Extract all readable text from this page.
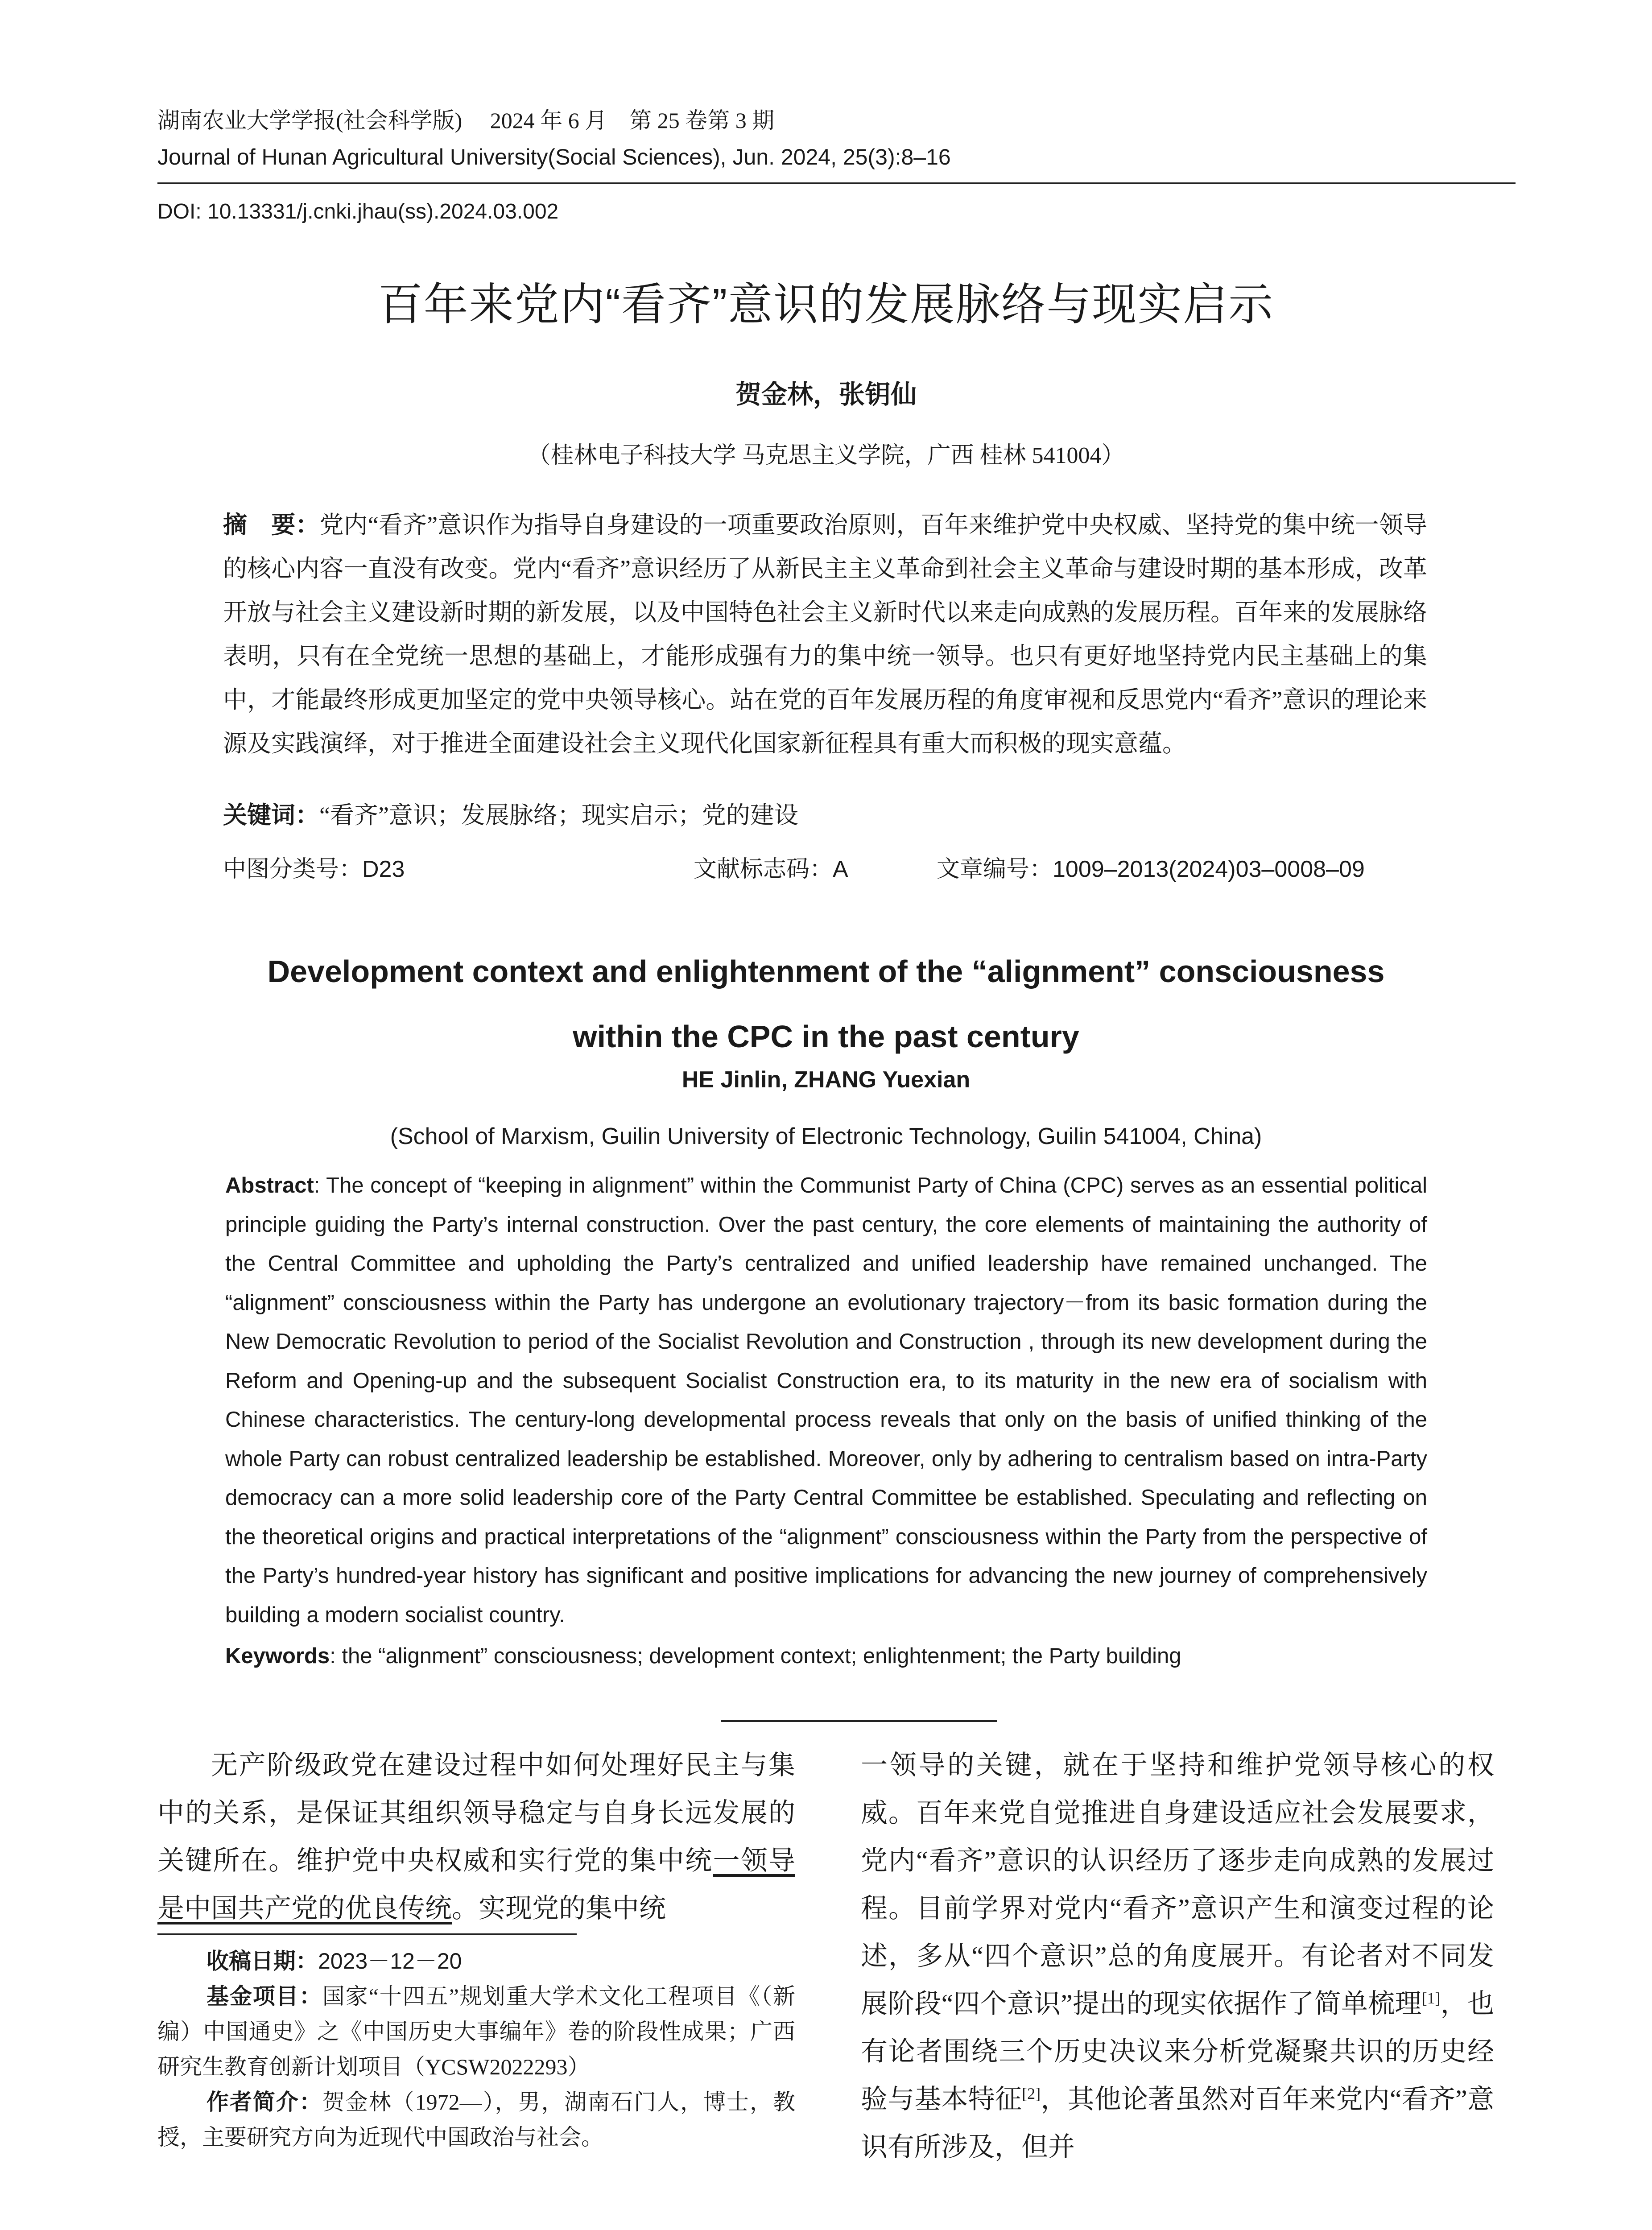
湖南农业大学学报(社会科学版)　 2024 年 6 月　第 25 卷第 3 期
Journal of Hunan Agricultural University(Social Sciences), Jun. 2024, 25(3):8–16
DOI: 10.13331/j.cnki.jhau(ss).2024.03.002
百年来党内“看齐”意识的发展脉络与现实启示
贺金林，张钥仙
（桂林电子科技大学 马克思主义学院，广西 桂林 541004）
摘　要：党内“看齐”意识作为指导自身建设的一项重要政治原则，百年来维护党中央权威、坚持党的集中统一领导的核心内容一直没有改变。党内“看齐”意识经历了从新民主主义革命到社会主义革命与建设时期的基本形成，改革开放与社会主义建设新时期的新发展，以及中国特色社会主义新时代以来走向成熟的发展历程。百年来的发展脉络表明，只有在全党统一思想的基础上，才能形成强有力的集中统一领导。也只有更好地坚持党内民主基础上的集中，才能最终形成更加坚定的党中央领导核心。站在党的百年发展历程的角度审视和反思党内“看齐”意识的理论来源及实践演绎，对于推进全面建设社会主义现代化国家新征程具有重大而积极的现实意蕴。
关键词：“看齐”意识；发展脉络；现实启示；党的建设
中图分类号：D23	文献标志码：A	文章编号：1009–2013(2024)03–0008–09
Development context and enlightenment of the “alignment” consciousness within the CPC in the past century
HE Jinlin, ZHANG Yuexian
(School of Marxism, Guilin University of Electronic Technology, Guilin 541004, China)
Abstract: The concept of “keeping in alignment” within the Communist Party of China (CPC) serves as an essential political principle guiding the Party’s internal construction. Over the past century, the core elements of maintaining the authority of the Central Committee and upholding the Party’s centralized and unified leadership have remained unchanged. The “alignment” consciousness within the Party has undergone an evolutionary trajectory－from its basic formation during the New Democratic Revolution to period of the Socialist Revolution and Construction , through its new development during the Reform and Opening-up and the subsequent Socialist Construction era, to its maturity in the new era of socialism with Chinese characteristics. The century-long developmental process reveals that only on the basis of unified thinking of the whole Party can robust centralized leadership be established. Moreover, only by adhering to centralism based on intra-Party democracy can a more solid leadership core of the Party Central Committee be established. Speculating and reflecting on the theoretical origins and practical interpretations of the “alignment” consciousness within the Party from the perspective of the Party’s hundred-year history has significant and positive implications for advancing the new journey of comprehensively building a modern socialist country.
Keywords: the “alignment” consciousness; development context; enlightenment; the Party building
无产阶级政党在建设过程中如何处理好民主与集中的关系，是保证其组织领导稳定与自身长远发展的关键所在。维护党中央权威和实行党的集中统一领导是中国共产党的优良传统。实现党的集中统
一领导的关键，就在于坚持和维护党领导核心的权威。百年来党自觉推进自身建设适应社会发展要求，党内“看齐”意识的认识经历了逐步走向成熟的发展过程。目前学界对党内“看齐”意识产生和演变过程的论述，多从“四个意识”总的角度展开。有论者对不同发展阶段“四个意识”提出的现实依据作了简单梳理[1]，也有论者围绕三个历史决议来分析党凝聚共识的历史经验与基本特征[2]，其他论著虽然对百年来党内“看齐”意识有所涉及，但并

收稿日期：2023－12－20

基金项目：国家“十四五”规划重大学术文化工程项目《（新编）中国通史》之《中国历史大事编年》卷的阶段性成果；广西研究生教育创新计划项目（YCSW2022293）

作者简介：贺金林（1972—），男，湖南石门人，博士，教授，主要研究方向为近现代中国政治与社会。
